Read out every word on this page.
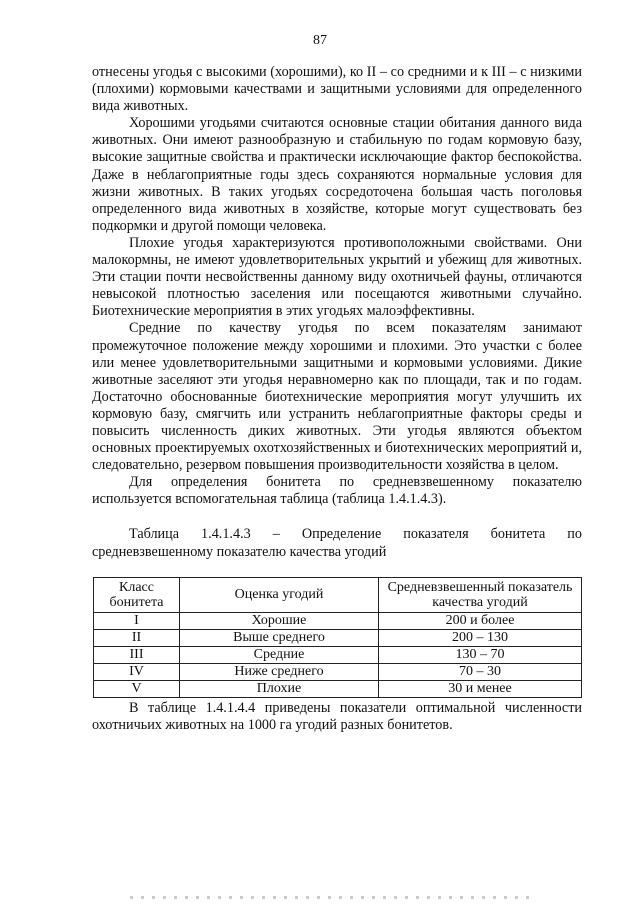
87

отнесены угодья с высокими (хорошими), ко II – со средними и к III – с низкими (плохими) кормовыми качествами и защитными условиями для определенного вида животных.

Хорошими угодьями считаются основные стации обитания данного вида животных. Они имеют разнообразную и стабильную по годам кормовую базу, высокие защитные свойства и практически исключающие фактор беспокойства. Даже в неблагоприятные годы здесь сохраняются нормальные условия для жизни животных. В таких угодьях сосредоточена большая часть поголовья определенного вида животных в хозяйстве, которые могут существовать без подкормки и другой помощи человека.

Плохие угодья характеризуются противоположными свойствами. Они малокормны, не имеют удовлетворительных укрытий и убежищ для животных. Эти стации почти несвойственны данному виду охотничьей фауны, отличаются невысокой плотностью заселения или посещаются животными случайно. Биотехнические мероприятия в этих угодьях малоэффективны.

Средние по качеству угодья по всем показателям занимают промежуточное положение между хорошими и плохими. Это участки с более или менее удовлетворительными защитными и кормовыми условиями. Дикие животные заселяют эти угодья неравномерно как по площади, так и по годам. Достаточно обоснованные биотехнические мероприятия могут улучшить их кормовую базу, смягчить или устранить неблагоприятные факторы среды и повысить численность диких животных. Эти угодья являются объектом основных проектируемых охотхозяйственных и биотехнических мероприятий и, следовательно, резервом повышения производительности хозяйства в целом.

Для определения бонитета по средневзвешенному показателю используется вспомогательная таблица (таблица 1.4.1.4.3).

Таблица 1.4.1.4.3 – Определение показателя бонитета по средневзвешенному показателю качества угодий

Класс бонитета	Оценка угодий	Средневзвешенный показатель качества угодий
I	Хорошие	200 и более
II	Выше среднего	200 – 130
III	Средние	130 – 70
IV	Ниже среднего	70 – 30
V	Плохие	30 и менее

В таблице 1.4.1.4.4 приведены показатели оптимальной численности охотничьих животных на 1000 га угодий разных бонитетов.
